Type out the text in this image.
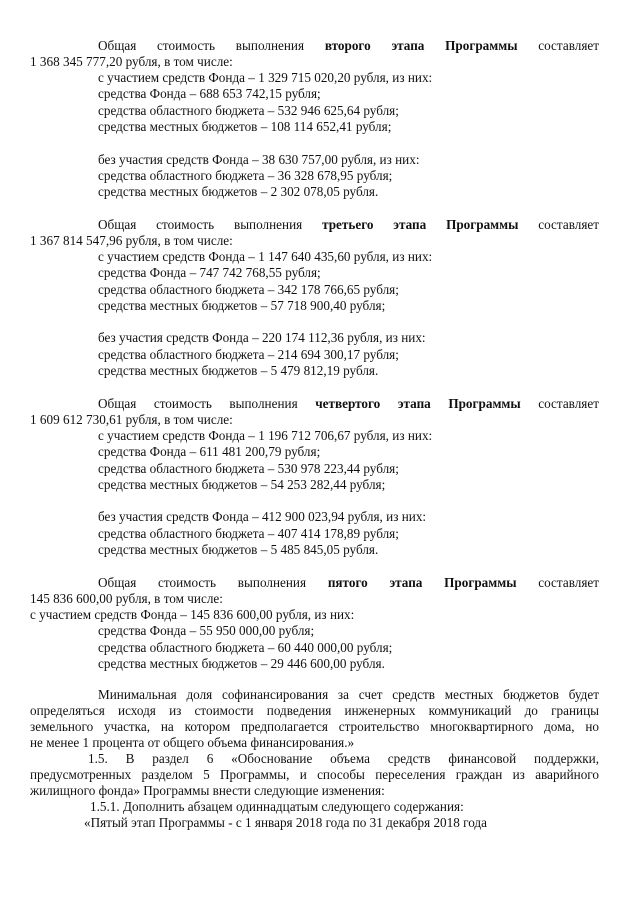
Общая стоимость выполнения второго этапа Программы составляет
1 368 345 777,20 рубля, в том числе:
с участием средств Фонда – 1 329 715 020,20 рубля, из них:
средства Фонда – 688 653 742,15 рубля;
средства областного бюджета – 532 946 625,64 рубля;
средства местных бюджетов – 108 114 652,41 рубля;
без участия средств Фонда – 38 630 757,00 рубля, из них:
средства областного бюджета – 36 328 678,95 рубля;
средства местных бюджетов – 2 302 078,05 рубля.
Общая стоимость выполнения третьего этапа Программы составляет
1 367 814 547,96 рубля, в том числе:
с участием средств Фонда – 1 147 640 435,60 рубля, из них:
средства Фонда – 747 742 768,55 рубля;
средства областного бюджета – 342 178 766,65 рубля;
средства местных бюджетов – 57 718 900,40 рубля;
без участия средств Фонда – 220 174 112,36 рубля, из них:
средства областного бюджета – 214 694 300,17 рубля;
средства местных бюджетов – 5 479 812,19 рубля.
Общая стоимость выполнения четвертого этапа Программы составляет
1 609 612 730,61 рубля, в том числе:
с участием средств Фонда – 1 196 712 706,67 рубля, из них:
средства Фонда – 611 481 200,79 рубля;
средства областного бюджета – 530 978 223,44 рубля;
средства местных бюджетов – 54 253 282,44 рубля;
без участия средств Фонда – 412 900 023,94 рубля, из них:
средства областного бюджета – 407 414 178,89 рубля;
средства местных бюджетов – 5 485 845,05 рубля.
Общая стоимость выполнения пятого этапа Программы составляет
145 836 600,00 рубля, в том числе:
с участием средств Фонда – 145 836 600,00 рубля, из них:
средства Фонда – 55 950 000,00 рубля;
средства областного бюджета – 60 440 000,00 рубля;
средства местных бюджетов – 29 446 600,00 рубля.
Минимальная доля софинансирования за счет средств местных бюджетов будет
определяться исходя из стоимости подведения инженерных коммуникаций до границы
земельного участка, на котором предполагается строительство многоквартирного дома, но
не менее 1 процента от общего объема финансирования.»
1.5. В раздел 6 «Обоснование объема средств финансовой поддержки,
предусмотренных разделом 5 Программы, и способы переселения граждан из аварийного
жилищного фонда» Программы внести следующие изменения:
1.5.1. Дополнить абзацем одиннадцатым следующего содержания:
«Пятый этап Программы - с 1 января 2018 года по 31 декабря 2018 года
